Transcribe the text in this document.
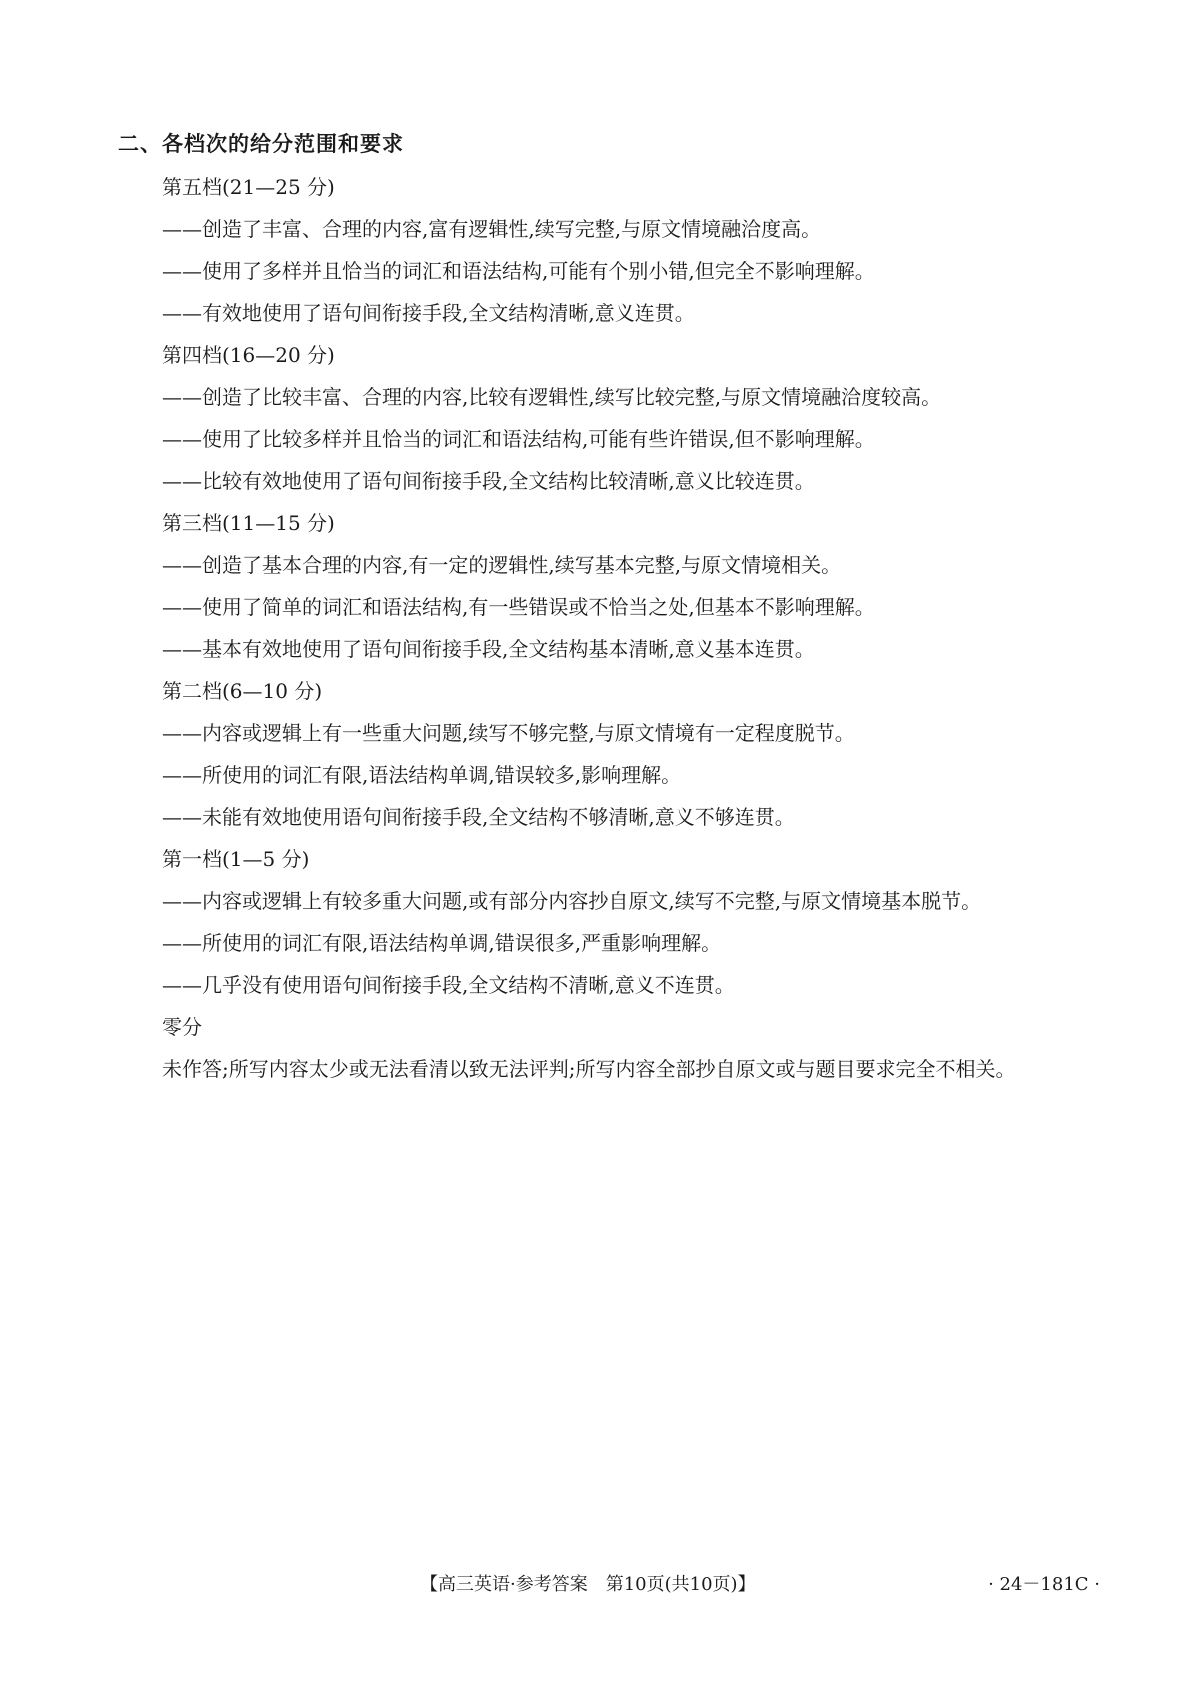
二、各档次的给分范围和要求
第五档(21—25 分)
——创造了丰富、合理的内容,富有逻辑性,续写完整,与原文情境融洽度高。
——使用了多样并且恰当的词汇和语法结构,可能有个别小错,但完全不影响理解。
——有效地使用了语句间衔接手段,全文结构清晰,意义连贯。
第四档(16—20 分)
——创造了比较丰富、合理的内容,比较有逻辑性,续写比较完整,与原文情境融洽度较高。
——使用了比较多样并且恰当的词汇和语法结构,可能有些许错误,但不影响理解。
——比较有效地使用了语句间衔接手段,全文结构比较清晰,意义比较连贯。
第三档(11—15 分)
——创造了基本合理的内容,有一定的逻辑性,续写基本完整,与原文情境相关。
——使用了简单的词汇和语法结构,有一些错误或不恰当之处,但基本不影响理解。
——基本有效地使用了语句间衔接手段,全文结构基本清晰,意义基本连贯。
第二档(6—10 分)
——内容或逻辑上有一些重大问题,续写不够完整,与原文情境有一定程度脱节。
——所使用的词汇有限,语法结构单调,错误较多,影响理解。
——未能有效地使用语句间衔接手段,全文结构不够清晰,意义不够连贯。
第一档(1—5 分)
——内容或逻辑上有较多重大问题,或有部分内容抄自原文,续写不完整,与原文情境基本脱节。
——所使用的词汇有限,语法结构单调,错误很多,严重影响理解。
——几乎没有使用语句间衔接手段,全文结构不清晰,意义不连贯。
零分
未作答;所写内容太少或无法看清以致无法评判;所写内容全部抄自原文或与题目要求完全不相关。
【高三英语·参考答案　第10页(共10页)】	· 24－181C ·
